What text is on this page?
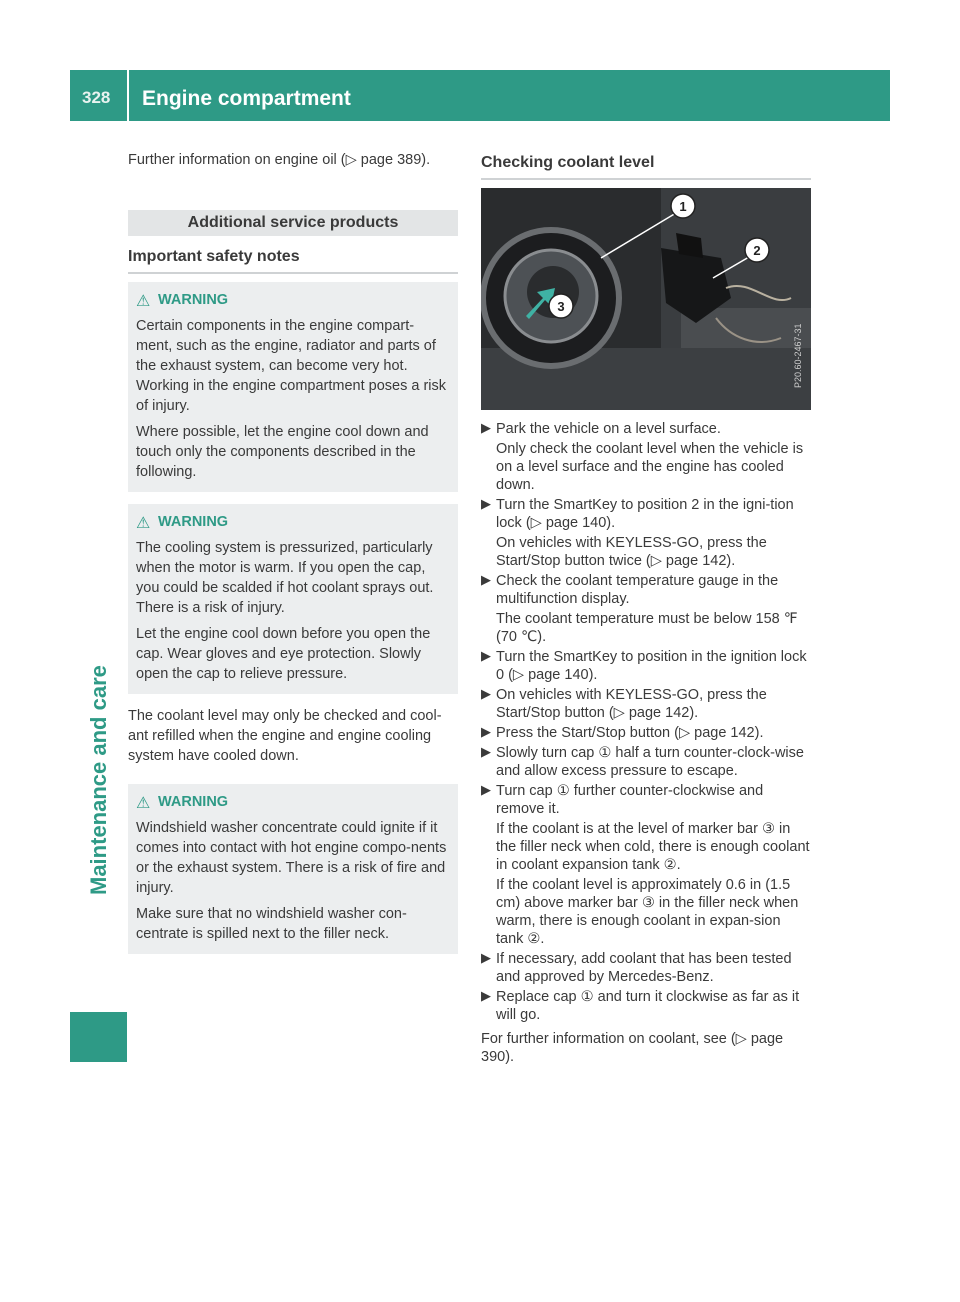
328 Engine compartment
Maintenance and care

Further information on engine oil (▷ page 389).

Additional service products
Important safety notes
⚠ WARNING

Certain components in the engine compart-ment, such as the engine, radiator and parts of the exhaust system, can become very hot. Working in the engine compartment poses a risk of injury.

Where possible, let the engine cool down and touch only the components described in the following.

⚠ WARNING

The cooling system is pressurized, particularly when the motor is warm. If you open the cap, you could be scalded if hot coolant sprays out. There is a risk of injury.

Let the engine cool down before you open the cap. Wear gloves and eye protection. Slowly open the cap to relieve pressure.

The coolant level may only be checked and cool-ant refilled when the engine and engine cooling system have cooled down.

⚠ WARNING

Windshield washer concentrate could ignite if it comes into contact with hot engine compo-nents or the exhaust system. There is a risk of fire and injury.

Make sure that no windshield washer con-centrate is spilled next to the filler neck.

Checking coolant level
1
2
3
P20.60-2467-31
▶ Park the vehicle on a level surface.

Only check the coolant level when the vehicle is on a level surface and the engine has cooled down.

▶ Turn the SmartKey to position 2 in the igni-tion lock (▷ page 140).

On vehicles with KEYLESS-GO, press the Start/Stop button twice (▷ page 142).

▶ Check the coolant temperature gauge in the multifunction display.

The coolant temperature must be below 158 ℉ (70 ℃).

▶ Turn the SmartKey to position in the ignition lock 0 (▷ page 140).

▶ On vehicles with KEYLESS-GO, press the Start/Stop button (▷ page 142).

▶ Press the Start/Stop button (▷ page 142).

▶ Slowly turn cap ① half a turn counter-clock-wise and allow excess pressure to escape.

▶ Turn cap ① further counter-clockwise and remove it.

If the coolant is at the level of marker bar ③ in the filler neck when cold, there is enough coolant in coolant expansion tank ②.

If the coolant level is approximately 0.6 in (1.5 cm) above marker bar ③ in the filler neck when warm, there is enough coolant in expan-sion tank ②.

▶ If necessary, add coolant that has been tested and approved by Mercedes-Benz.

▶ Replace cap ① and turn it clockwise as far as it will go.

For further information on coolant, see (▷ page 390).
